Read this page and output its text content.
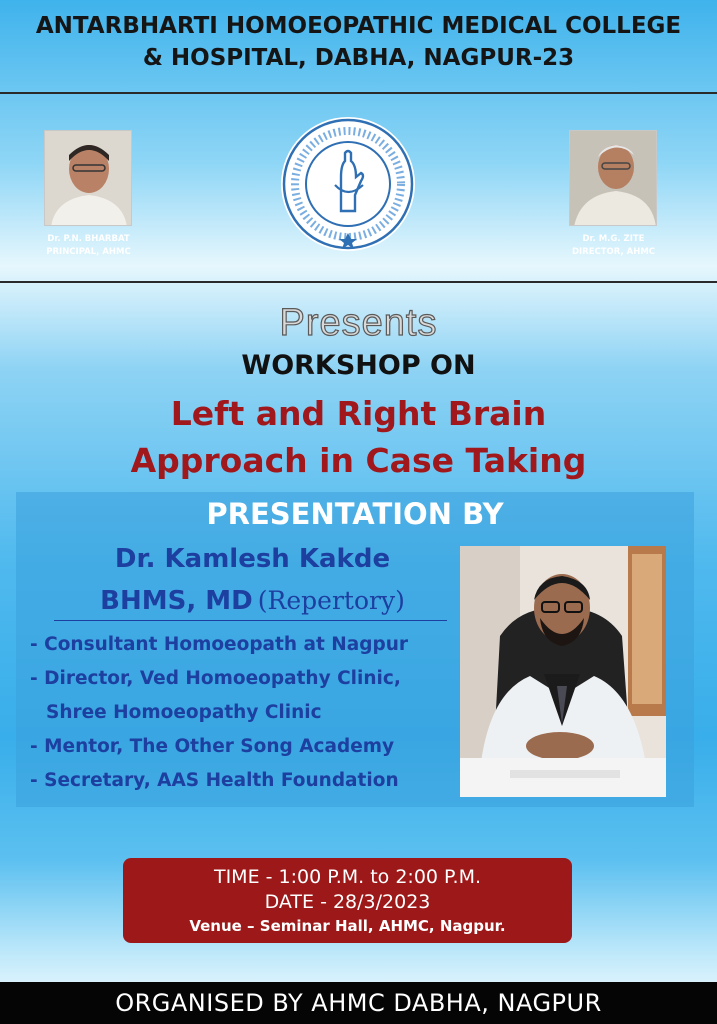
ANTARBHARTI HOMOEOPATHIC MEDICAL COLLEGE
& HOSPITAL, DABHA, NAGPUR-23
Dr. P.N. BHARBAT
PRINCIPAL, AHMC
Dr. M.G. ZITE
DIRECTOR, AHMC
Presents
WORKSHOP ON
Left and Right Brain
Approach in Case Taking
PRESENTATION BY
Dr. Kamlesh Kakde
BHMS, MD (Repertory)
- Consultant Homoeopath at Nagpur
- Director, Ved Homoeopathy Clinic,
Shree Homoeopathy Clinic
- Mentor, The Other Song Academy
- Secretary, AAS Health Foundation
TIME - 1:00 P.M. to 2:00 P.M.
DATE - 28/3/2023
Venue – Seminar Hall, AHMC, Nagpur.
ORGANISED BY AHMC DABHA, NAGPUR
